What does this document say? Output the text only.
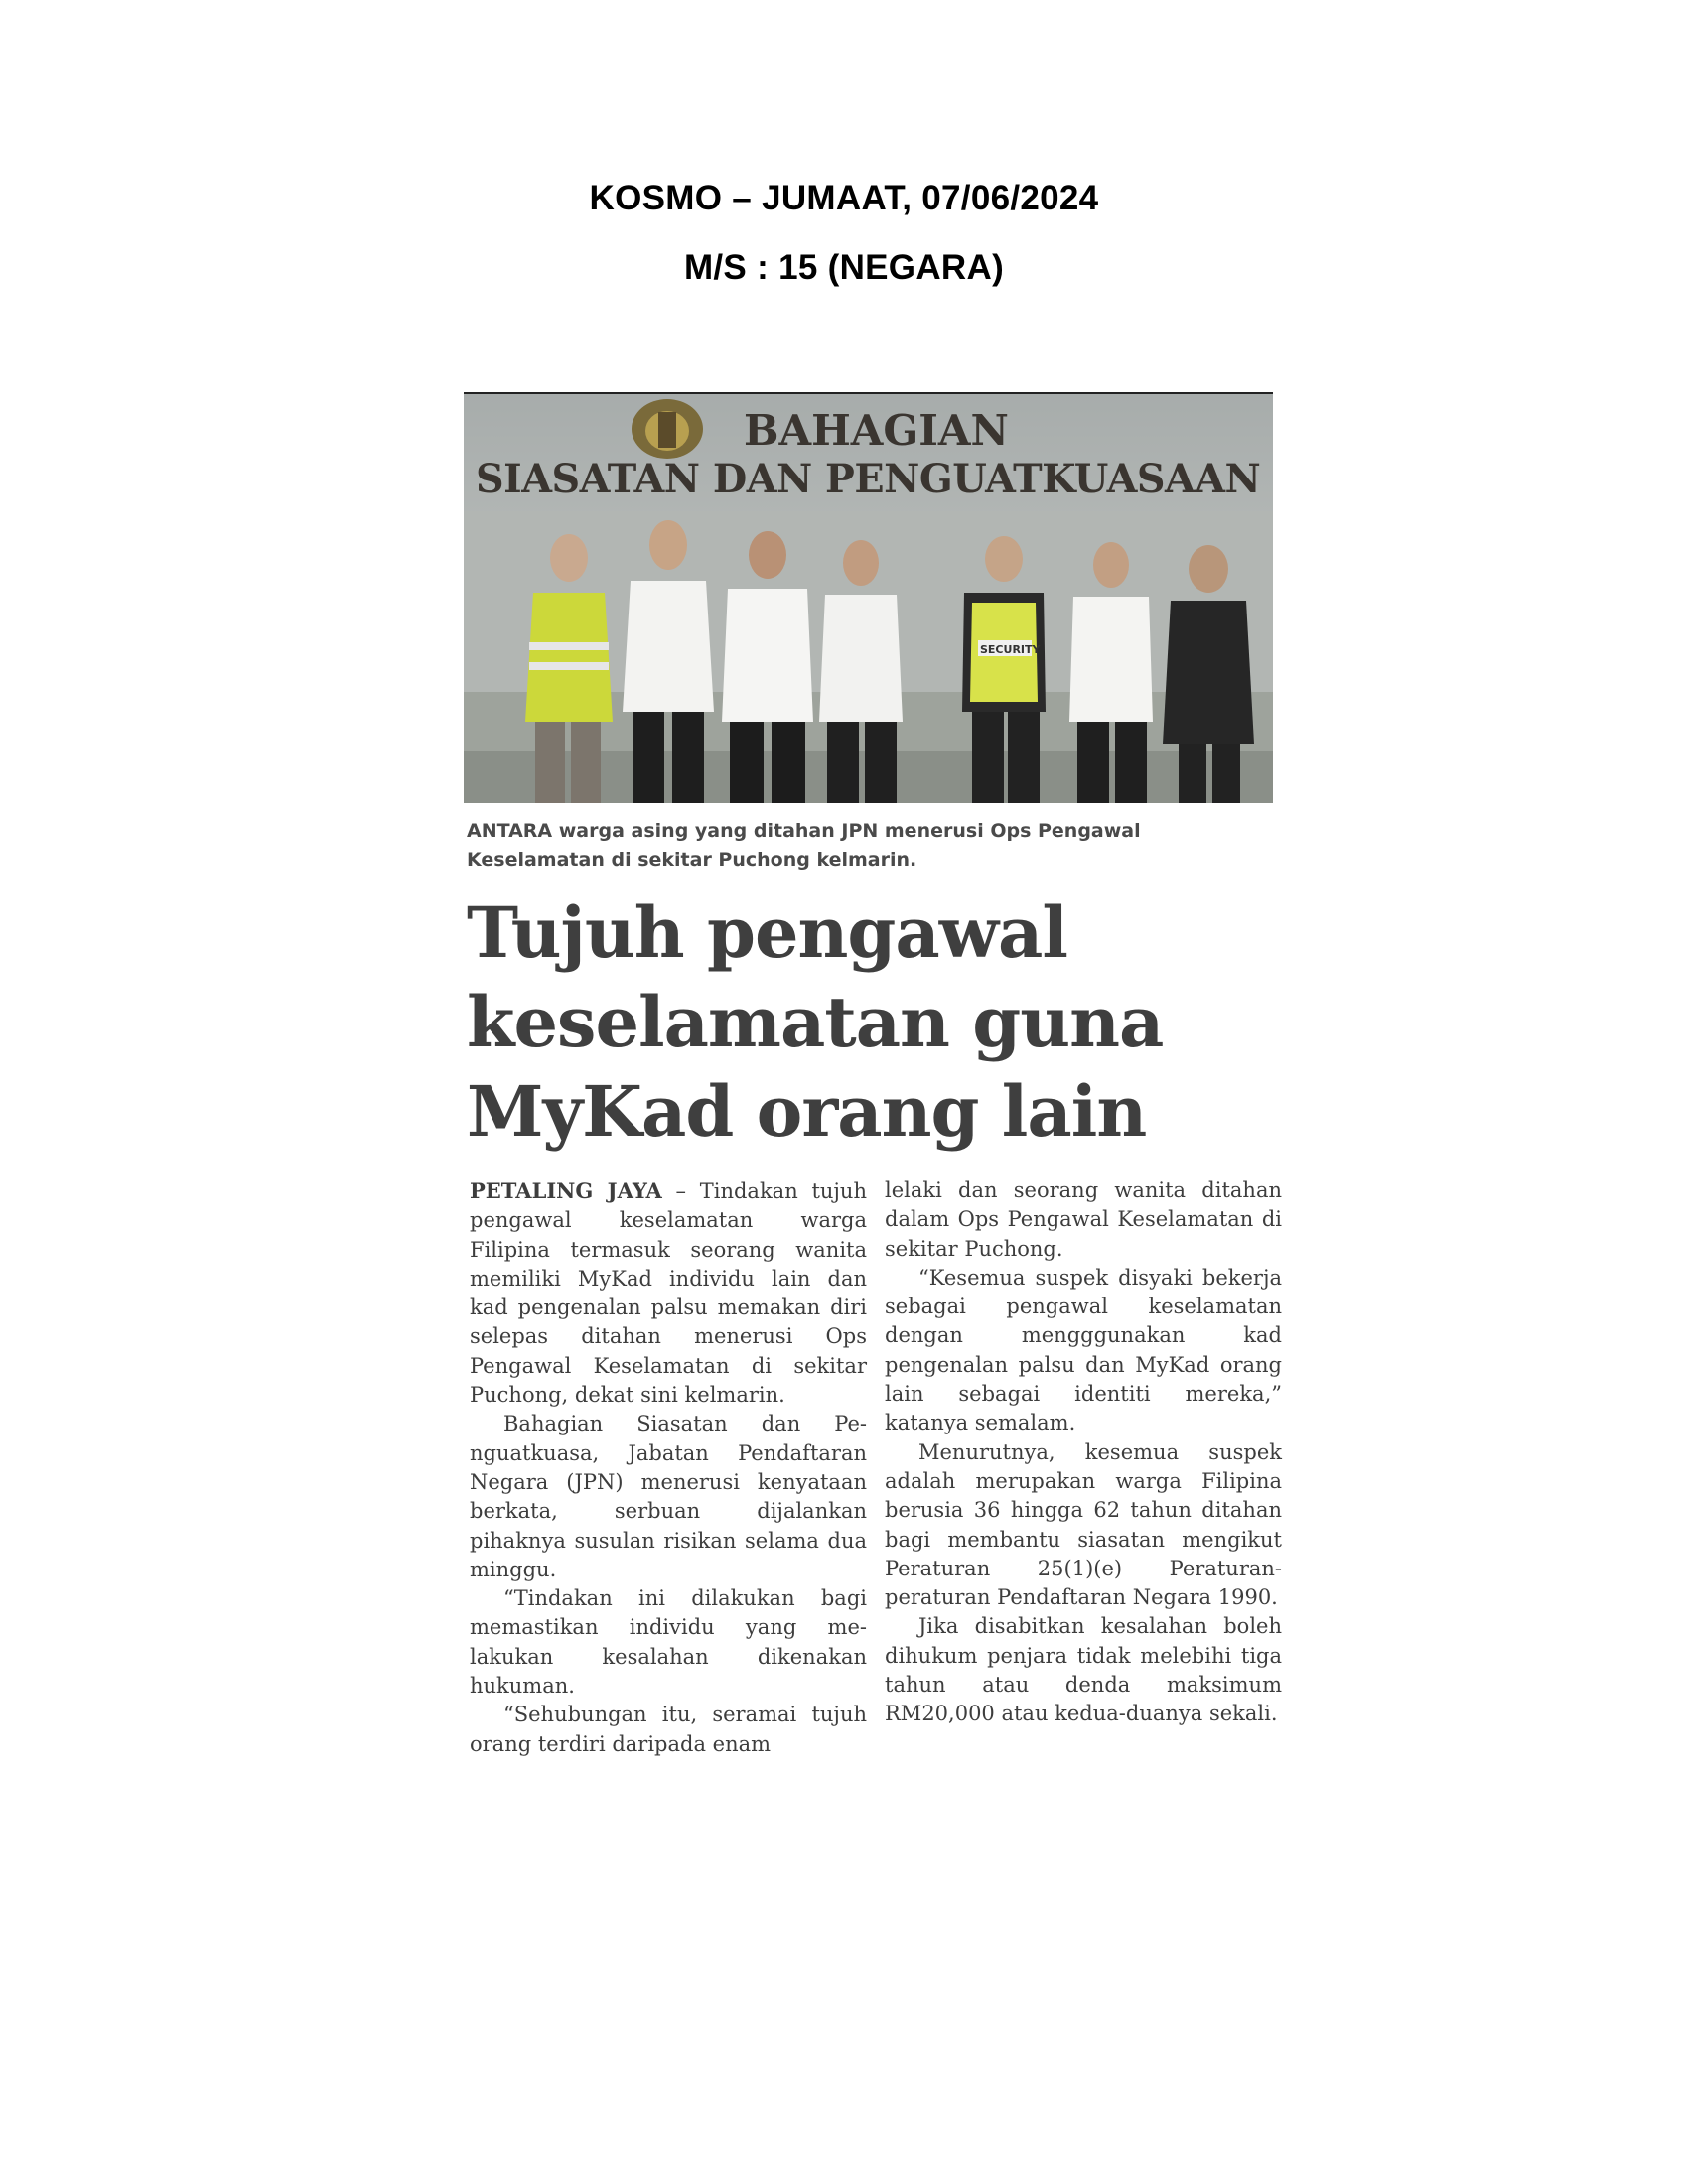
KOSMO – JUMAAT, 07/06/2024
M/S : 15 (NEGARA)
SECURITY
BAHAGIAN
SIASATAN DAN PENGUATKUASAAN
ANTARA warga asing yang ditahan JPN menerusi Ops Pengawal Keselamatan di sekitar Puchong kelmarin.
Tujuh pengawal keselamatan guna MyKad orang lain

PETALING JAYA – Tindakan tujuh pengawal keselamatan warga Filipina termasuk seorang wanita memiliki MyKad individu lain dan kad pengenalan palsu memakan diri selepas ditahan menerusi Ops Pengawal Keselamatan di sekitar Puchong, dekat sini kelmarin.

Bahagian Siasatan dan Penguatkuasa, Jabatan Pendaftaran Negara (JPN) menerusi kenyataan berkata, serbuan dijalankan pihaknya susulan risikan selama dua minggu.

“Tindakan ini dilakukan bagi memastikan individu yang melakukan kesalahan dikenakan hukuman.

“Sehubungan itu, seramai tujuh orang terdiri daripada enam

lelaki dan seorang wanita ditahan dalam Ops Pengawal Keselamatan di sekitar Puchong.

“Kesemua suspek disyaki bekerja sebagai pengawal keselamatan dengan mengggunakan kad pengenalan palsu dan MyKad orang lain sebagai identiti mereka,” katanya semalam.

Menurutnya, kesemua suspek adalah merupakan warga Filipina berusia 36 hingga 62 tahun ditahan bagi membantu siasatan mengikut Peraturan 25(1)(e) Peraturan-peraturan Pendaftaran Negara 1990.

Jika disabitkan kesalahan boleh dihukum penjara tidak melebihi tiga tahun atau denda maksimum RM20,000 atau kedua-duanya sekali.
